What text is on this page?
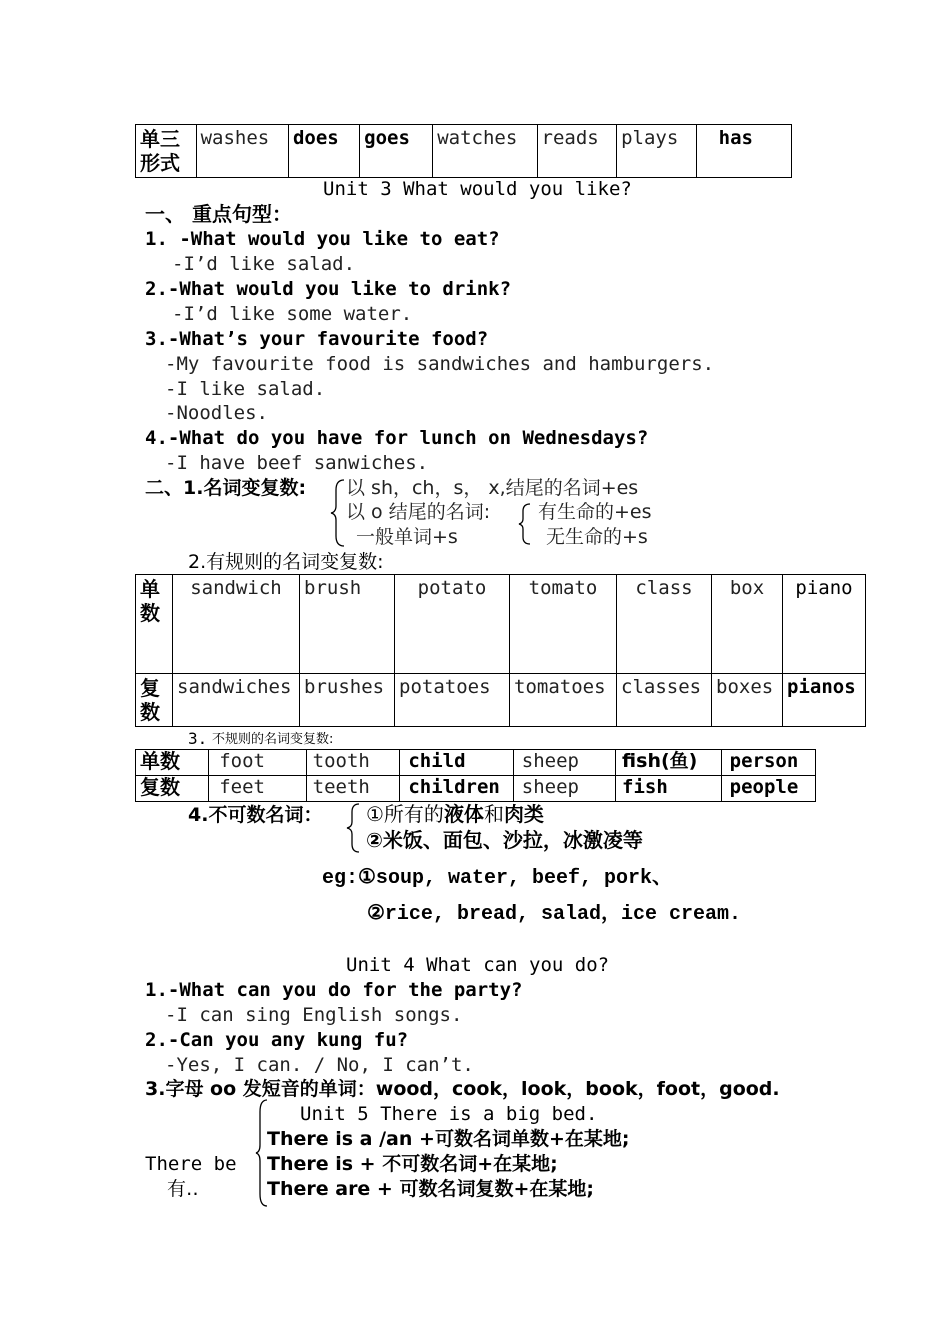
单三形式	washes	does	goes	watches	reads	plays	has
Unit 3 What would you like?
一、 重点句型：
1. -What would you like to eat?
-I’d like salad.
2.-What would you like to drink?
-I’d like some water.
3.-What’s your favourite food?
-My favourite food is sandwiches and hamburgers.
-I like salad.
-Noodles.
4.-What do you have for lunch on Wednesdays?
-I have beef sanwiches.
二、1.名词变复数: 以 sh，ch，s， x,结尾的名词+es
以 o 结尾的名词:	有生命的+es
无生命的+s
一般单词+s
2.有规则的名词变复数:
单数	sandwich	brush	potato	tomato	class	box	piano
复数	sandwiches	brushes	potatoes	tomatoes	classes	boxes	pianos
3. 不规则的名词变复数:
单数	foot	tooth	child	sheep	fish(鱼)	person
复数	feet	teeth	children	sheep	fish	people
4.不可数名词： ①所有的液体和肉类
②米饭、面包、沙拉，冰激凌等
eg:①soup, water, beef, pork、
②rice, bread, salad，ice cream.
Unit 4 What can you do?
1.-What can you do for the party?
-I can sing English songs.
2.-Can you any kung fu?
-Yes, I can. / No, I can’t.
3.字母 oo 发短音的单词：wood，cook，look，book，foot，good.
Unit 5 There is a big bed.
There is a /an +可数名词单数+在某地;
There be There is + 不可数名词+在某地;
有‥	There are + 可数名词复数+在某地;
